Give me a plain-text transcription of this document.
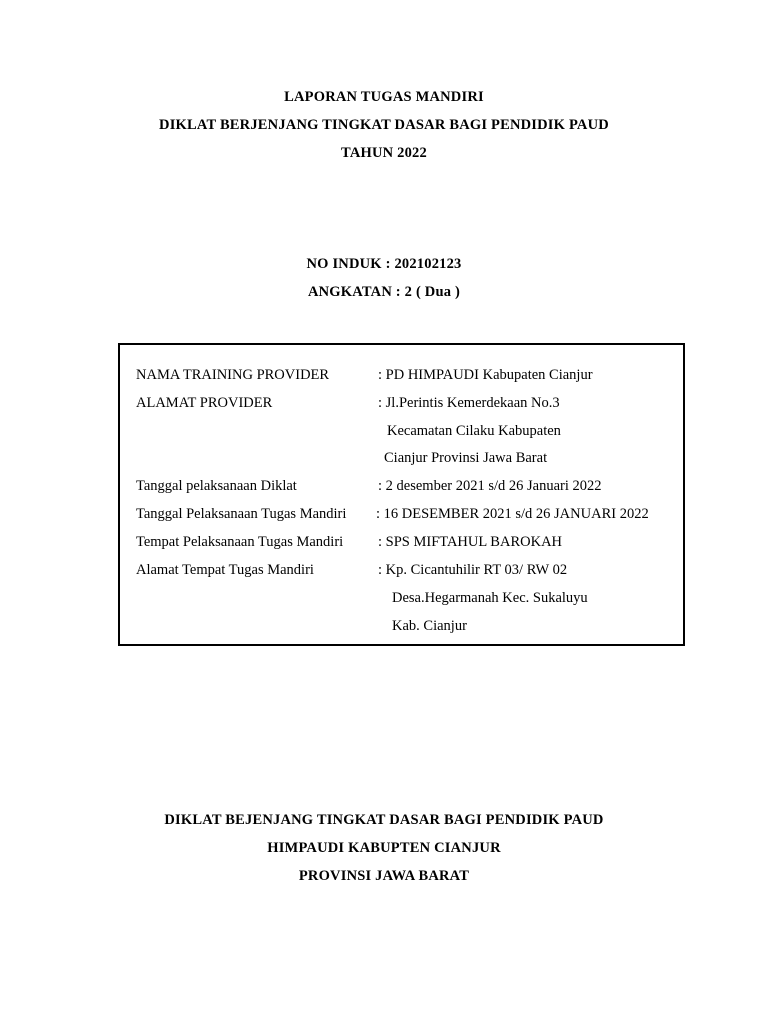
LAPORAN TUGAS MANDIRI
DIKLAT BERJENJANG TINGKAT DASAR BAGI PENDIDIK PAUD
TAHUN 2022
NO INDUK : 202102123
ANGKATAN : 2 ( Dua )
NAMA TRAINING PROVIDER	: PD HIMPAUDI Kabupaten Cianjur
ALAMAT PROVIDER	: Jl.Perintis Kemerdekaan No.3
Kecamatan Cilaku Kabupaten
Cianjur Provinsi Jawa Barat
Tanggal pelaksanaan Diklat	: 2 desember 2021 s/d 26 Januari 2022
Tanggal Pelaksanaan Tugas Mandiri : 16 DESEMBER 2021 s/d 26 JANUARI 2022
Tempat Pelaksanaan Tugas Mandiri : SPS MIFTAHUL BAROKAH
Alamat Tempat Tugas Mandiri	: Kp. Cicantuhilir RT 03/ RW 02
Desa.Hegarmanah Kec. Sukaluyu
Kab. Cianjur
DIKLAT BEJENJANG TINGKAT DASAR BAGI PENDIDIK PAUD
HIMPAUDI KABUPTEN CIANJUR
PROVINSI JAWA BARAT
